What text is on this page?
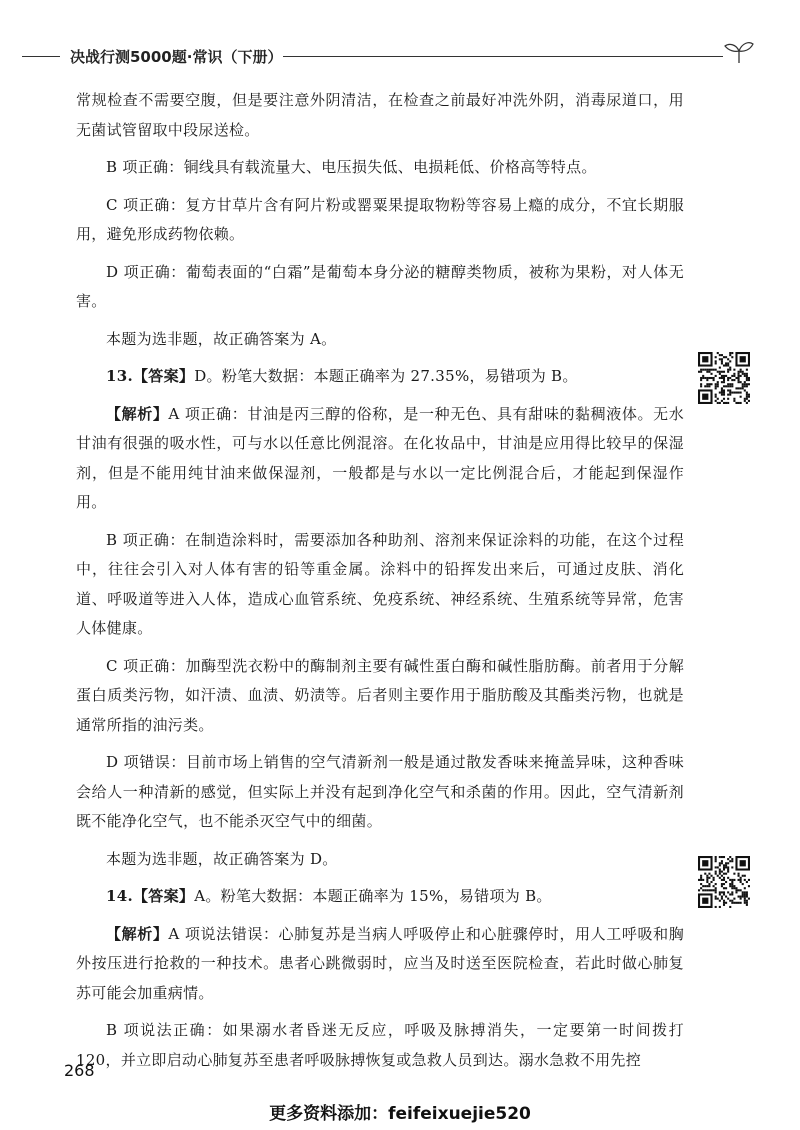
决战行测5000题·常识（下册）

常规检查不需要空腹，但是要注意外阴清洁，在检查之前最好冲洗外阴，消毒尿道口，用无菌试管留取中段尿送检。

B 项正确：铜线具有载流量大、电压损失低、电损耗低、价格高等特点。

C 项正确：复方甘草片含有阿片粉或罂粟果提取物粉等容易上瘾的成分，不宜长期服用，避免形成药物依赖。

D 项正确：葡萄表面的“白霜”是葡萄本身分泌的糖醇类物质，被称为果粉，对人体无害。

本题为选非题，故正确答案为 A。

13.【答案】D。粉笔大数据：本题正确率为 27.35%，易错项为 B。

【解析】A 项正确：甘油是丙三醇的俗称，是一种无色、具有甜味的黏稠液体。无水甘油有很强的吸水性，可与水以任意比例混溶。在化妆品中，甘油是应用得比较早的保湿剂，但是不能用纯甘油来做保湿剂，一般都是与水以一定比例混合后，才能起到保湿作用。

B 项正确：在制造涂料时，需要添加各种助剂、溶剂来保证涂料的功能，在这个过程中，往往会引入对人体有害的铅等重金属。涂料中的铅挥发出来后，可通过皮肤、消化道、呼吸道等进入人体，造成心血管系统、免疫系统、神经系统、生殖系统等异常，危害人体健康。

C 项正确：加酶型洗衣粉中的酶制剂主要有碱性蛋白酶和碱性脂肪酶。前者用于分解蛋白质类污物，如汗渍、血渍、奶渍等。后者则主要作用于脂肪酸及其酯类污物，也就是通常所指的油污类。

D 项错误：目前市场上销售的空气清新剂一般是通过散发香味来掩盖异味，这种香味会给人一种清新的感觉，但实际上并没有起到净化空气和杀菌的作用。因此，空气清新剂既不能净化空气，也不能杀灭空气中的细菌。

本题为选非题，故正确答案为 D。

14.【答案】A。粉笔大数据：本题正确率为 15%，易错项为 B。

【解析】A 项说法错误：心肺复苏是当病人呼吸停止和心脏骤停时，用人工呼吸和胸外按压进行抢救的一种技术。患者心跳微弱时，应当及时送至医院检查，若此时做心肺复苏可能会加重病情。

B 项说法正确：如果溺水者昏迷无反应，呼吸及脉搏消失，一定要第一时间拨打 120，并立即启动心肺复苏至患者呼吸脉搏恢复或急救人员到达。溺水急救不用先控

268
更多资料添加：feifeixuejie520
